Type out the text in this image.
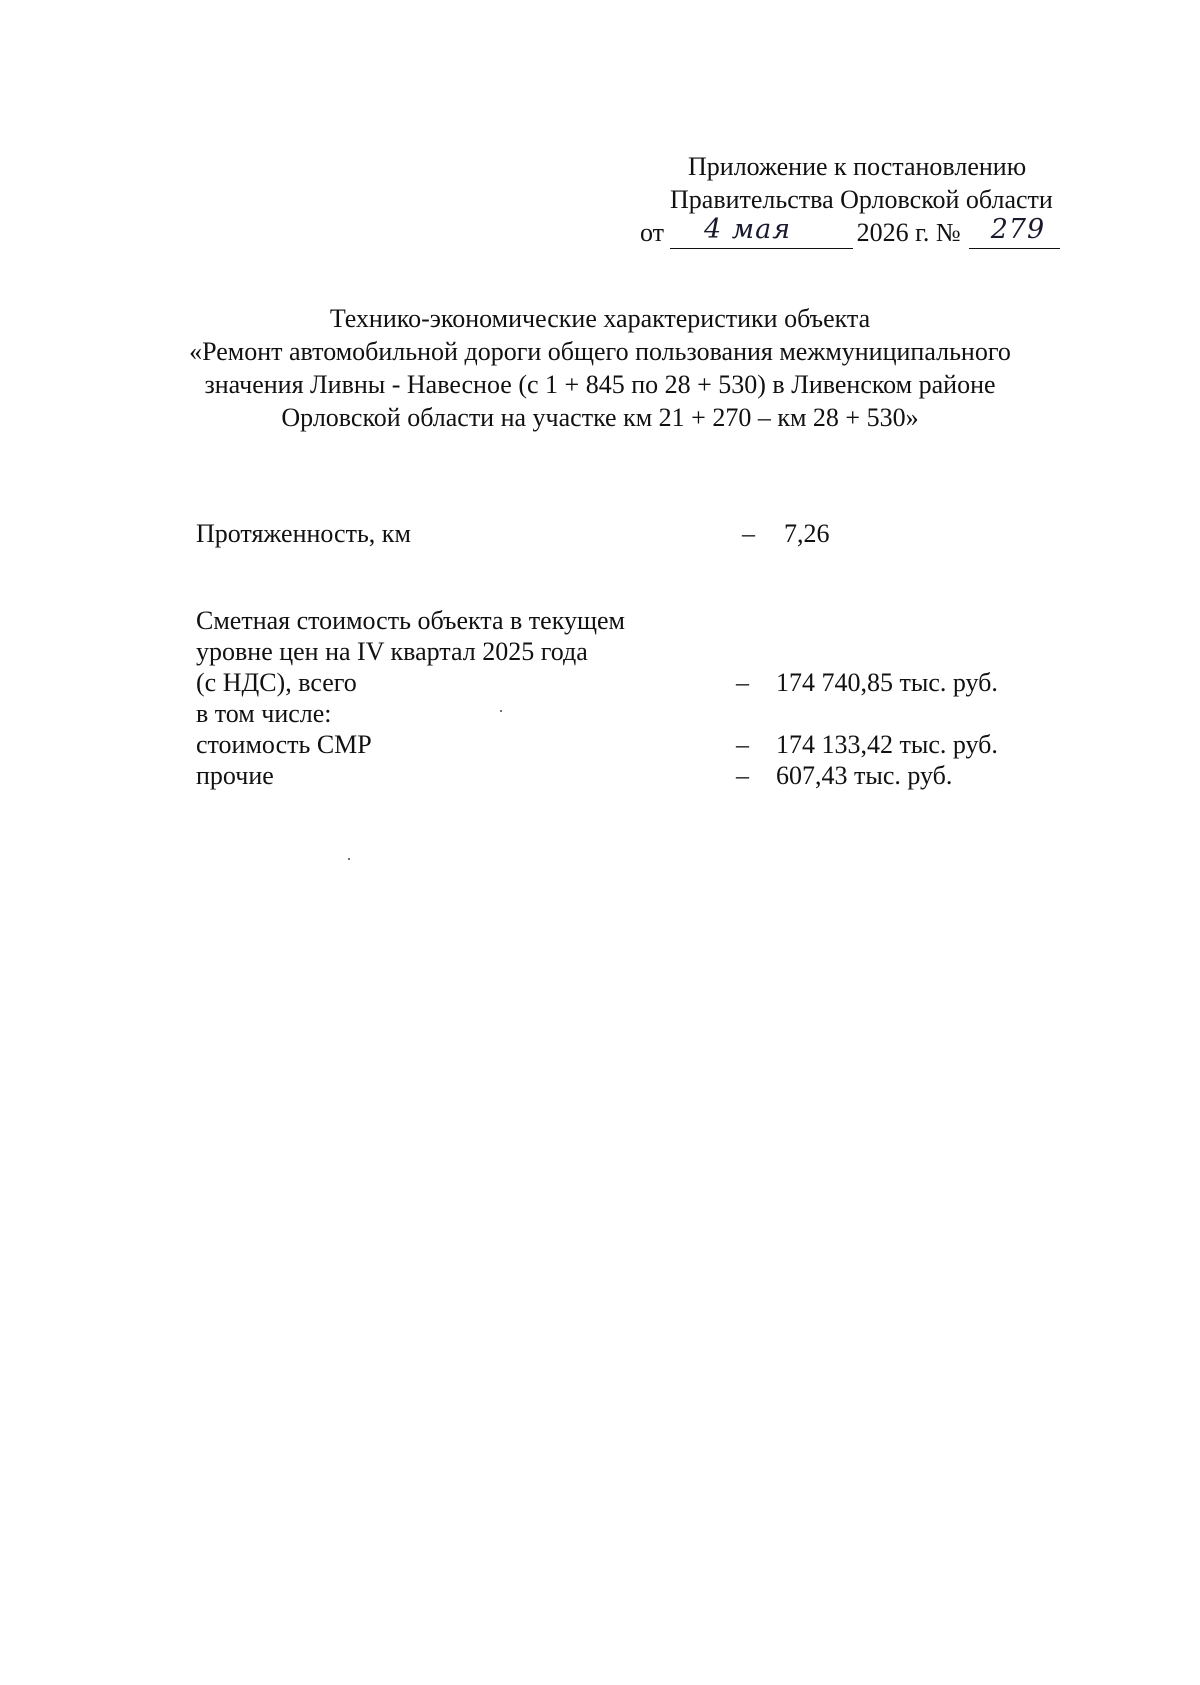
Приложение к постановлению
Правительства Орловской области
от 4 мая	2026 г. № 279
Технико-экономические характеристики объекта
«Ремонт автомобильной дороги общего пользования межмуниципального
значения Ливны - Навесное (с 1 + 845 по 28 + 530) в Ливенском районе
Орловской области на участке км 21 + 270 – км 28 + 530»
Протяженность, км	– 7,26
Сметная стоимость объекта в текущем
уровне цен на IV квартал 2025 года
(с НДС), всего	– 174 740,85 тыс. руб.
в том числе:
стоимость СМР	– 174 133,42 тыс. руб.
прочие	– 607,43 тыс. руб.
